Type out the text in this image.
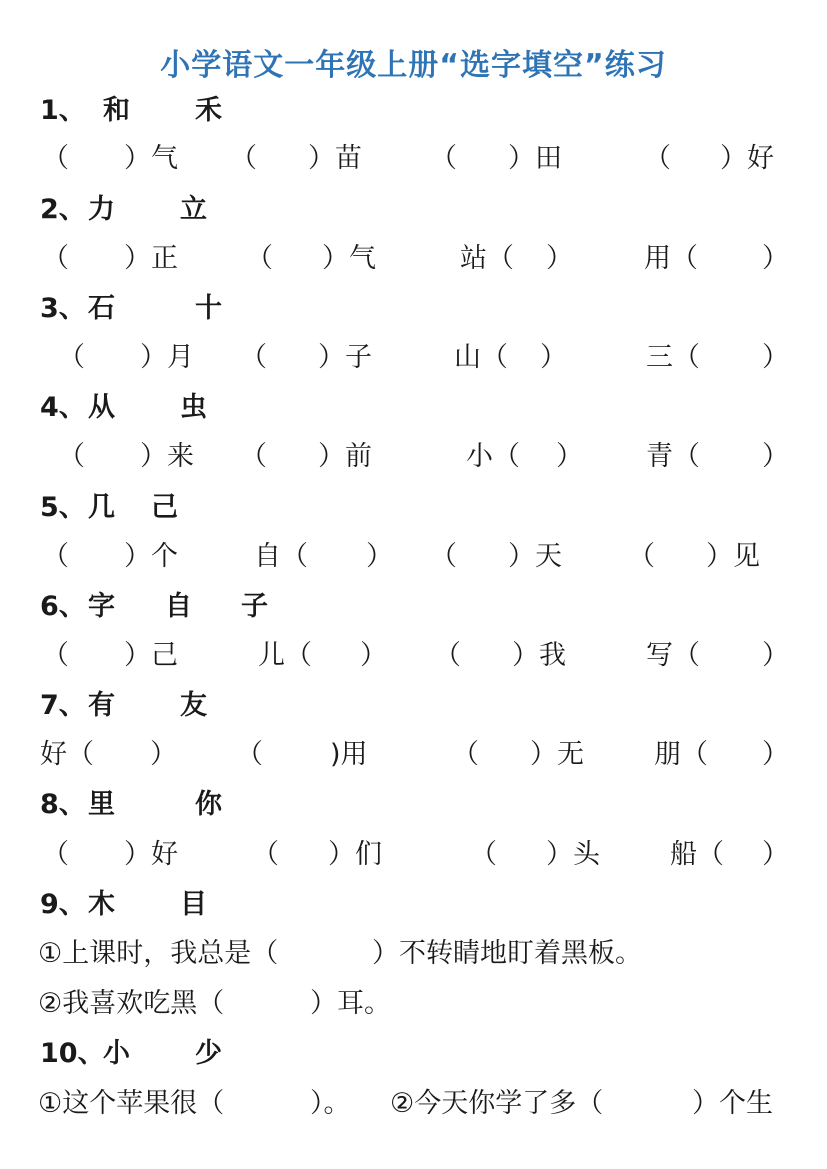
小学语文一年级上册“选字填空”练习
1、 和 禾
（ ）气 （ ）苗	（ ）田	（ ）好
2、 力 立
（ ）正	（ ）气	站（ ）	用（ ）
3、 石	十
（ ）月 （ ）子	山（ ）	三（ ）
4、 从 虫
（ ）来 （ ）前	小（ ） 青（ ）
5、 几 己
（ ）个	自（ ） （ ）天 （ ）见
6、 字 自 子
（ ）己	儿（ ） （ ）我	写（ ）
7、 有 友
好（ ） （ )用	（ ）无	朋（ ）
8、 里	你
（ ）好	（ ）们	（ ）头	船（ ）
9、 木 目
①上课时，我总是（	）不转睛地盯着黑板。
②我喜欢吃黑（	）耳。
10、
小 少
①这个苹果很（	）。 ②今天你学了多（	）个生
